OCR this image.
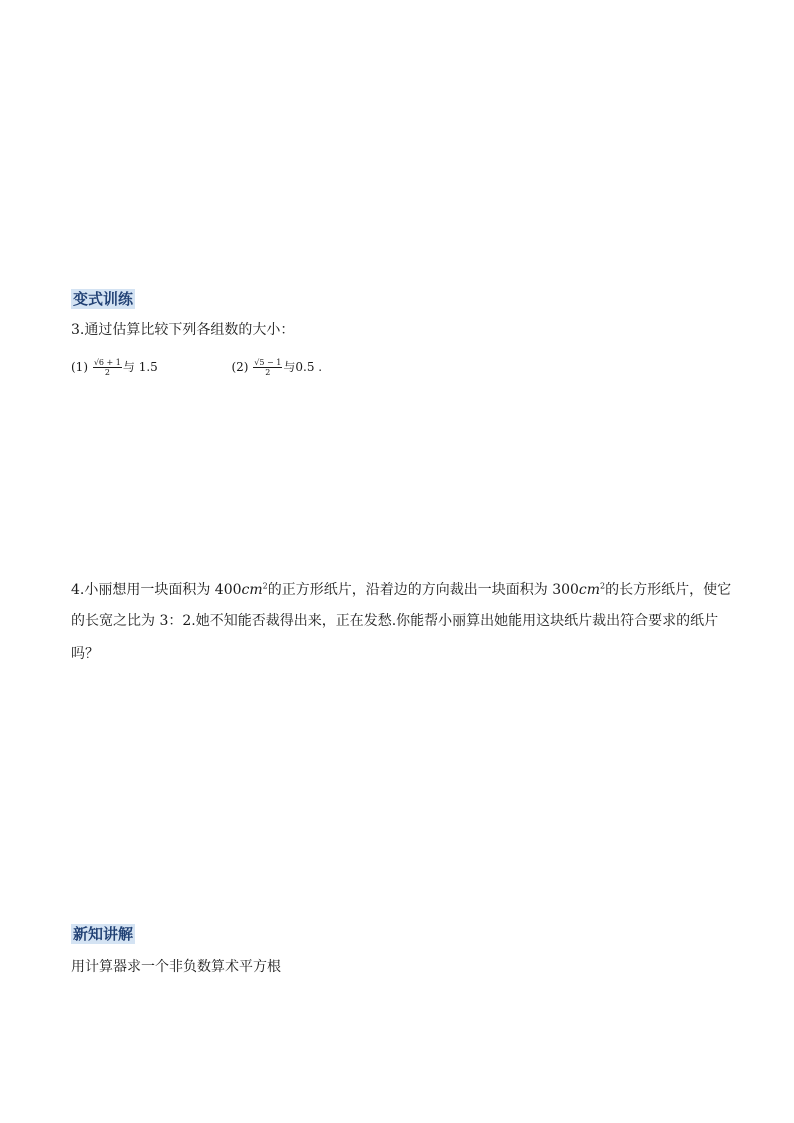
变式训练

3.通过估算比较下列各组数的大小：

$(1) \frac{√6 + 1}{2}$ 与 1.5	$(2) \frac{√5 - 1}{2}$ 与0.5 .

4.小丽想用一块面积为 $400cm^2$的正方形纸片，沿着边的方向裁出一块面积为 $300cm^2$的长方形纸片，使它

的长宽之比为 3：2.她不知能否裁得出来，正在发愁.你能帮小丽算出她能用这块纸片裁出符合要求的纸片

吗？

新知讲解

用计算器求一个非负数算术平方根
